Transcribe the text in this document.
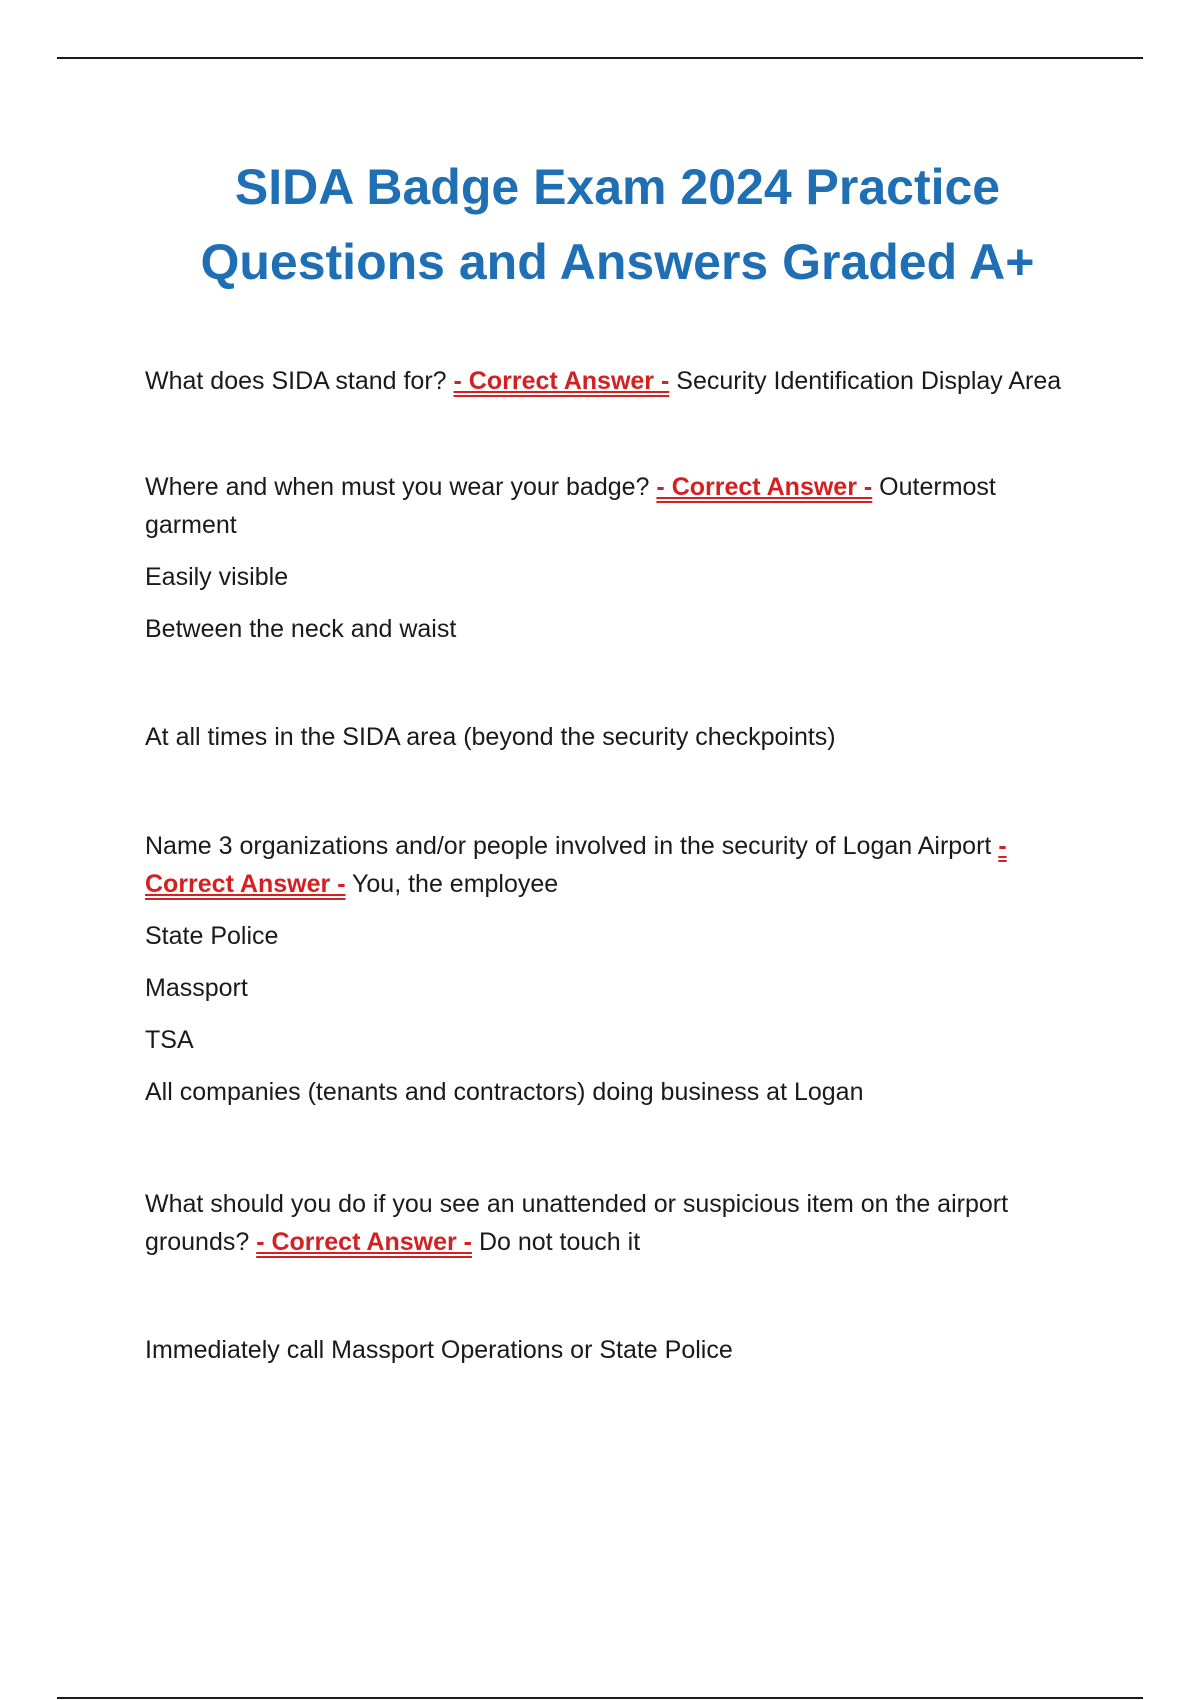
SIDA Badge Exam 2024 Practice Questions and Answers Graded A+

What does SIDA stand for? - Correct Answer - Security Identification Display Area

Where and when must you wear your badge? - Correct Answer - Outermost garment

Easily visible

Between the neck and waist

At all times in the SIDA area (beyond the security checkpoints)

Name 3 organizations and/or people involved in the security of Logan Airport - Correct Answer - You, the employee

State Police

Massport

TSA

All companies (tenants and contractors) doing business at Logan

What should you do if you see an unattended or suspicious item on the airport grounds? - Correct Answer - Do not touch it

Immediately call Massport Operations or State Police
